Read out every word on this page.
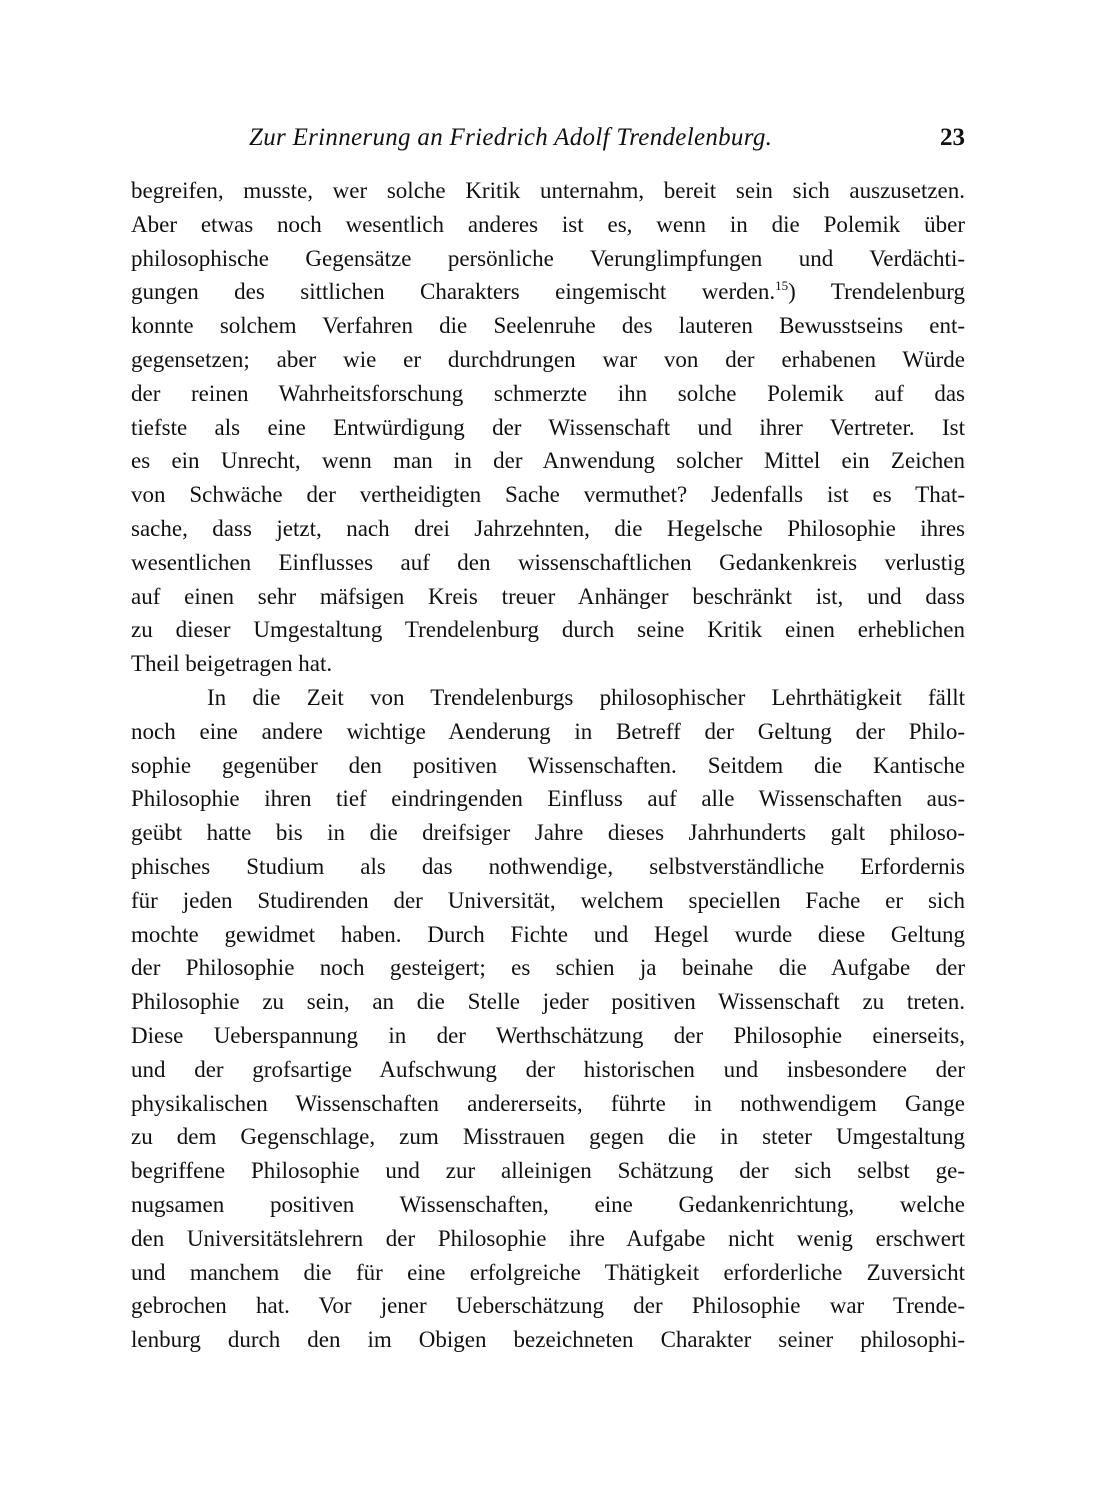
Zur Erinnerung an Friedrich Adolf Trendelenburg.	23
begreifen, musste, wer solche Kritik unternahm, bereit sein sich auszusetzen.
Aber etwas noch wesentlich anderes ist es, wenn in die Polemik über
philosophische Gegensätze persönliche Verunglimpfungen und Verdächti-
gungen des sittlichen Charakters eingemischt werden.$^{15}$) Trendelenburg
konnte solchem Verfahren die Seelenruhe des lauteren Bewusstseins ent-
gegensetzen; aber wie er durchdrungen war von der erhabenen Würde
der reinen Wahrheitsforschung schmerzte ihn solche Polemik auf das
tiefste als eine Entwürdigung der Wissenschaft und ihrer Vertreter. Ist
es ein Unrecht, wenn man in der Anwendung solcher Mittel ein Zeichen
von Schwäche der vertheidigten Sache vermuthet? Jedenfalls ist es That-
sache, dass jetzt, nach drei Jahrzehnten, die Hegelsche Philosophie ihres
wesentlichen Einflusses auf den wissenschaftlichen Gedankenkreis verlustig
auf einen sehr mäfsigen Kreis treuer Anhänger beschränkt ist, und dass
zu dieser Umgestaltung Trendelenburg durch seine Kritik einen erheblichen
Theil beigetragen hat.
In die Zeit von Trendelenburgs philosophischer Lehrthätigkeit fällt
noch eine andere wichtige Aenderung in Betreff der Geltung der Philo-
sophie gegenüber den positiven Wissenschaften. Seitdem die Kantische
Philosophie ihren tief eindringenden Einfluss auf alle Wissenschaften aus-
geübt hatte bis in die dreifsiger Jahre dieses Jahrhunderts galt philoso-
phisches Studium als das nothwendige, selbstverständliche Erfordernis
für jeden Studirenden der Universität, welchem speciellen Fache er sich
mochte gewidmet haben. Durch Fichte und Hegel wurde diese Geltung
der Philosophie noch gesteigert; es schien ja beinahe die Aufgabe der
Philosophie zu sein, an die Stelle jeder positiven Wissenschaft zu treten.
Diese Ueberspannung in der Werthschätzung der Philosophie einerseits,
und der grofsartige Aufschwung der historischen und insbesondere der
physikalischen Wissenschaften andererseits, führte in nothwendigem Gange
zu dem Gegenschlage, zum Misstrauen gegen die in steter Umgestaltung
begriffene Philosophie und zur alleinigen Schätzung der sich selbst ge-
nugsamen positiven Wissenschaften, eine Gedankenrichtung, welche
den Universitätslehrern der Philosophie ihre Aufgabe nicht wenig erschwert
und manchem die für eine erfolgreiche Thätigkeit erforderliche Zuversicht
gebrochen hat. Vor jener Ueberschätzung der Philosophie war Trende-
lenburg durch den im Obigen bezeichneten Charakter seiner philosophi-
